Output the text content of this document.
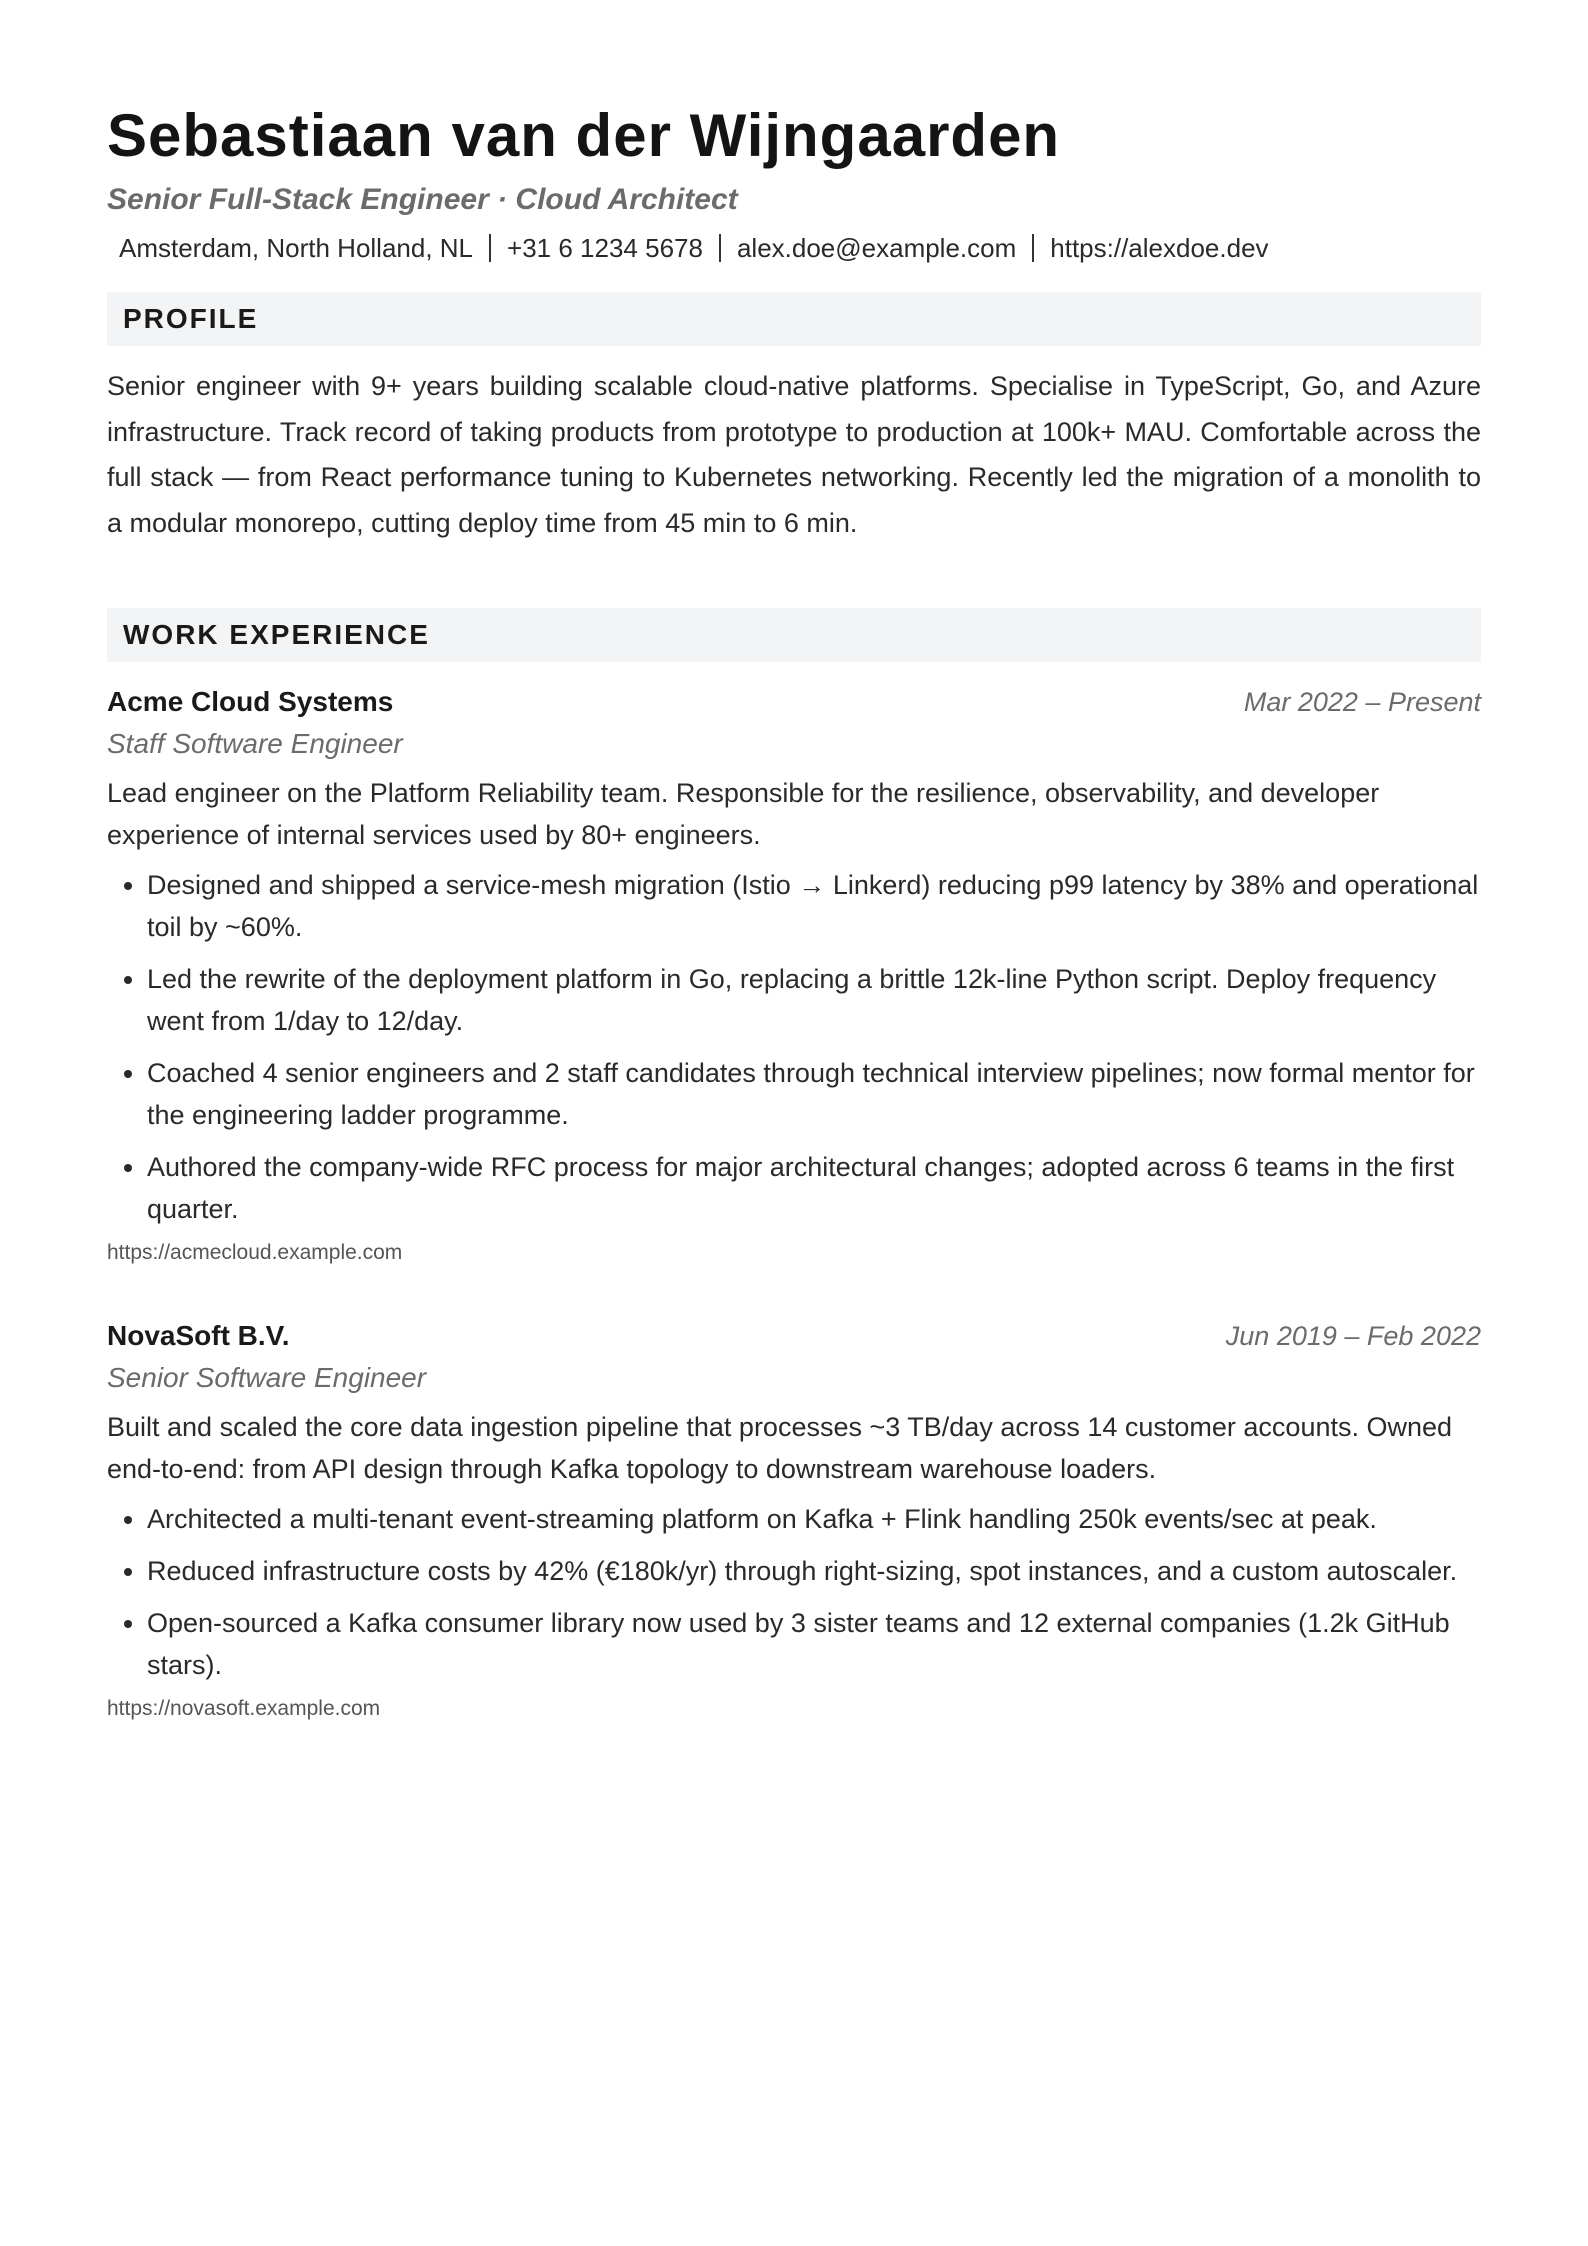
Sebastiaan van der Wijngaarden
Senior Full-Stack Engineer · Cloud Architect
Amsterdam, North Holland, NL +31 6 1234 5678 alex.doe@example.com https://alexdoe.dev
PROFILE
Senior engineer with 9+ years building scalable cloud-native platforms. Specialise in TypeScript, Go, and Azure infrastructure. Track record of taking products from prototype to production at 100k+ MAU. Comfortable across the full stack — from React performance tuning to Kubernetes networking. Recently led the migration of a monolith to a modular monorepo, cutting deploy time from 45 min to 6 min.
WORK EXPERIENCE
Acme Cloud Systems	Mar 2022 – Present
Staff Software Engineer
Lead engineer on the Platform Reliability team. Responsible for the resilience, observability, and developer experience of internal services used by 80+ engineers.
• Designed and shipped a service-mesh migration (Istio → Linkerd) reducing p99 latency by 38% and operational toil by ~60%.
• Led the rewrite of the deployment platform in Go, replacing a brittle 12k-line Python script. Deploy frequency went from 1/day to 12/day.
• Coached 4 senior engineers and 2 staff candidates through technical interview pipelines; now formal mentor for the engineering ladder programme.
• Authored the company-wide RFC process for major architectural changes; adopted across 6 teams in the first quarter.
https://acmecloud.example.com
NovaSoft B.V.	Jun 2019 – Feb 2022
Senior Software Engineer
Built and scaled the core data ingestion pipeline that processes ~3 TB/day across 14 customer accounts. Owned end-to-end: from API design through Kafka topology to downstream warehouse loaders.
• Architected a multi-tenant event-streaming platform on Kafka + Flink handling 250k events/sec at peak.
• Reduced infrastructure costs by 42% (€180k/yr) through right-sizing, spot instances, and a custom autoscaler.
• Open-sourced a Kafka consumer library now used by 3 sister teams and 12 external companies (1.2k GitHub stars).
https://novasoft.example.com
